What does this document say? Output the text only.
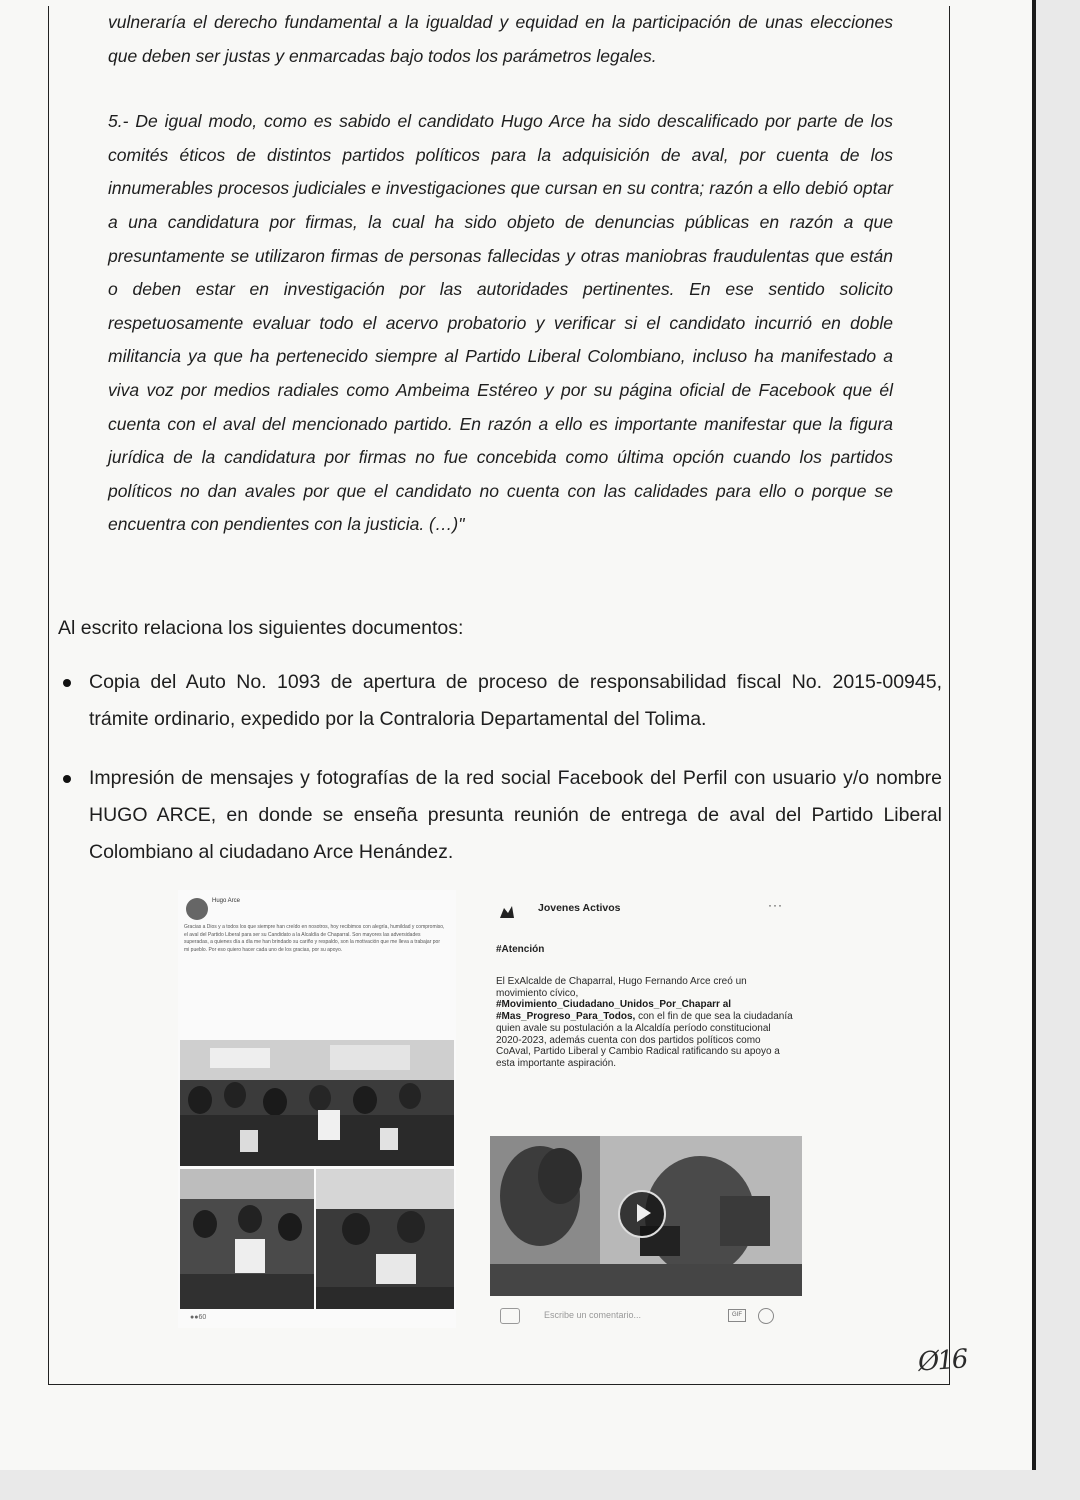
vulneraría el derecho fundamental a la igualdad y equidad en la participación de unas elecciones que deben ser justas y enmarcadas bajo todos los parámetros legales.

5.- De igual modo, como es sabido el candidato Hugo Arce ha sido descalificado por parte de los comités éticos de distintos partidos políticos para la adquisición de aval, por cuenta de los innumerables procesos judiciales e investigaciones que cursan en su contra; razón a ello debió optar a una candidatura por firmas, la cual ha sido objeto de denuncias públicas en razón a que presuntamente se utilizaron firmas de personas fallecidas y otras maniobras fraudulentas que están o deben estar en investigación por las autoridades pertinentes. En ese sentido solicito respetuosamente evaluar todo el acervo probatorio y verificar si el candidato incurrió en doble militancia ya que ha pertenecido siempre al Partido Liberal Colombiano, incluso ha manifestado a viva voz por medios radiales como Ambeima Estéreo y por su página oficial de Facebook que él cuenta con el aval del mencionado partido. En razón a ello es importante manifestar que la figura jurídica de la candidatura por firmas no fue concebida como última opción cuando los partidos políticos no dan avales por que el candidato no cuenta con las calidades para ello o porque se encuentra con pendientes con la justicia. (…)"

Al escrito relaciona los siguientes documentos:
Copia del Auto No. 1093 de apertura de proceso de responsabilidad fiscal No. 2015-00945, trámite ordinario, expedido por la Contraloria Departamental del Tolima.
Impresión de mensajes y fotografías de la red social Facebook del Perfil con usuario y/o nombre HUGO ARCE, en donde se enseña presunta reunión de entrega de aval del Partido Liberal Colombiano al ciudadano Arce Henández.
Hugo Arce
Gracias a Dios y a todos los que siempre han creído en nosotros, hoy recibimos con alegría, humildad y compromiso, el aval del Partido Liberal para ser su Candidato a la Alcaldía de Chaparral. Son mayores las adversidades superadas, a quienes día a día me han brindado su cariño y respaldo, son la motivación que me lleva a trabajar por mi pueblo. Por eso quiero hacer cada uno de los gracias, por su apoyo.
●●60
Jovenes Activos	···
#Atención
El ExAlcalde de Chaparral, Hugo Fernando Arce creó un movimiento cívico, #Movimiento_Ciudadano_Unidos_Por_Chaparr al #Mas_Progreso_Para_Todos, con el fin de que sea la ciudadanía quien avale su postulación a la Alcaldía período constitucional 2020-2023, además cuenta con dos partidos políticos como CoAval, Partido Liberal y Cambio Radical ratificando su apoyo a esta importante aspiración.
Escribe un comentario...	GIF
Ø16
